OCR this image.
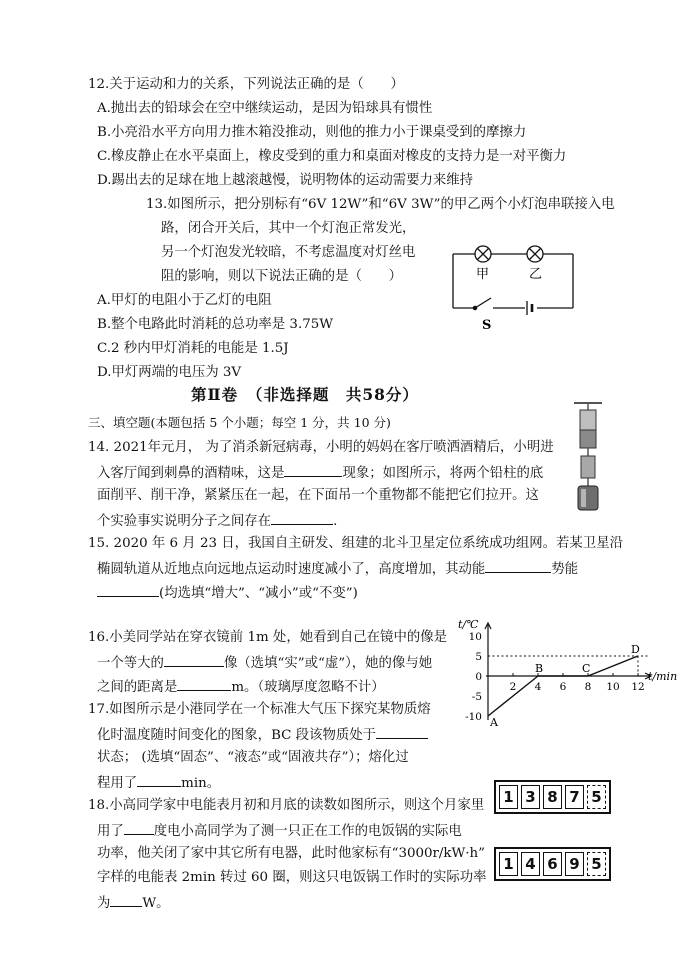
12.关于运动和力的关系，下列说法正确的是（　　）
A.抛出去的铅球会在空中继续运动，是因为铅球具有惯性
B.小亮沿水平方向用力推木箱没推动，则他的推力小于课桌受到的摩擦力
C.橡皮静止在水平桌面上，橡皮受到的重力和桌面对橡皮的支持力是一对平衡力
D.踢出去的足球在地上越滚越慢，说明物体的运动需要力来维持
13.如图所示，把分别标有“6V 12W”和“6V 3W”的甲乙两个小灯泡串联接入电
路，闭合开关后，其中一个灯泡正常发光，
另一个灯泡发光较暗，不考虑温度对灯丝电
阻的影响，则以下说法正确的是（　　）
A.甲灯的电阻小于乙灯的电阻
B.整个电路此时消耗的总功率是 3.75W
C.2 秒内甲灯消耗的电能是 1.5J
D.甲灯两端的电压为 3V
甲	乙
S
第Ⅱ卷　（非选择题　共58分）
三、填空题(本题包括 5 个小题；每空 1 分，共 10 分)
14. 2021年元月， 为了消杀新冠病毒，小明的妈妈在客厅喷洒酒精后，小明进
入客厅闻到刺鼻的酒精味，这是	现象；如图所示，将两个铅柱的底
面削平、削干净，紧紧压在一起，在下面吊一个重物都不能把它们拉开。这
个实验事实说明分子之间存在	.
15. 2020 年 6 月 23 日，我国自主研发、组建的北斗卫星定位系统成功组网。若某卫星沿
椭圆轨道从近地点向远地点运动时速度减小了，高度增加，其动能	势能
(均选填“增大”、“减小”或“不变”)
16.小美同学站在穿衣镜前 1m 处，她看到自己在镜中的像是
一个等大的	像（选填“实”或“虚”），她的像与她
之间的距离是	m。（玻璃厚度忽略不计）
17.如图所示是小港同学在一个标准大气压下探究某物质熔
化时温度随时间变化的图象，BC 段该物质处于
状态； (选填“固态”、“液态”或“固液共存”）；熔化过
程用了	min。
t/℃
t/min
10
5
0
-5
-10
2 4 6 8 10 12
A
B	C
D
18.小高同学家中电能表月初和月底的读数如图所示，则这个月家里
用了 度电小高同学为了测一只正在工作的电饭锅的实际电
功率，他关闭了家中其它所有电器，此时他家标有“3000r/kW·h”
字样的电能表 2min 转过 60 圈，则这只电饭锅工作时的实际功率
为 W。
1 3 8 7 5
1 4 6 9 5
